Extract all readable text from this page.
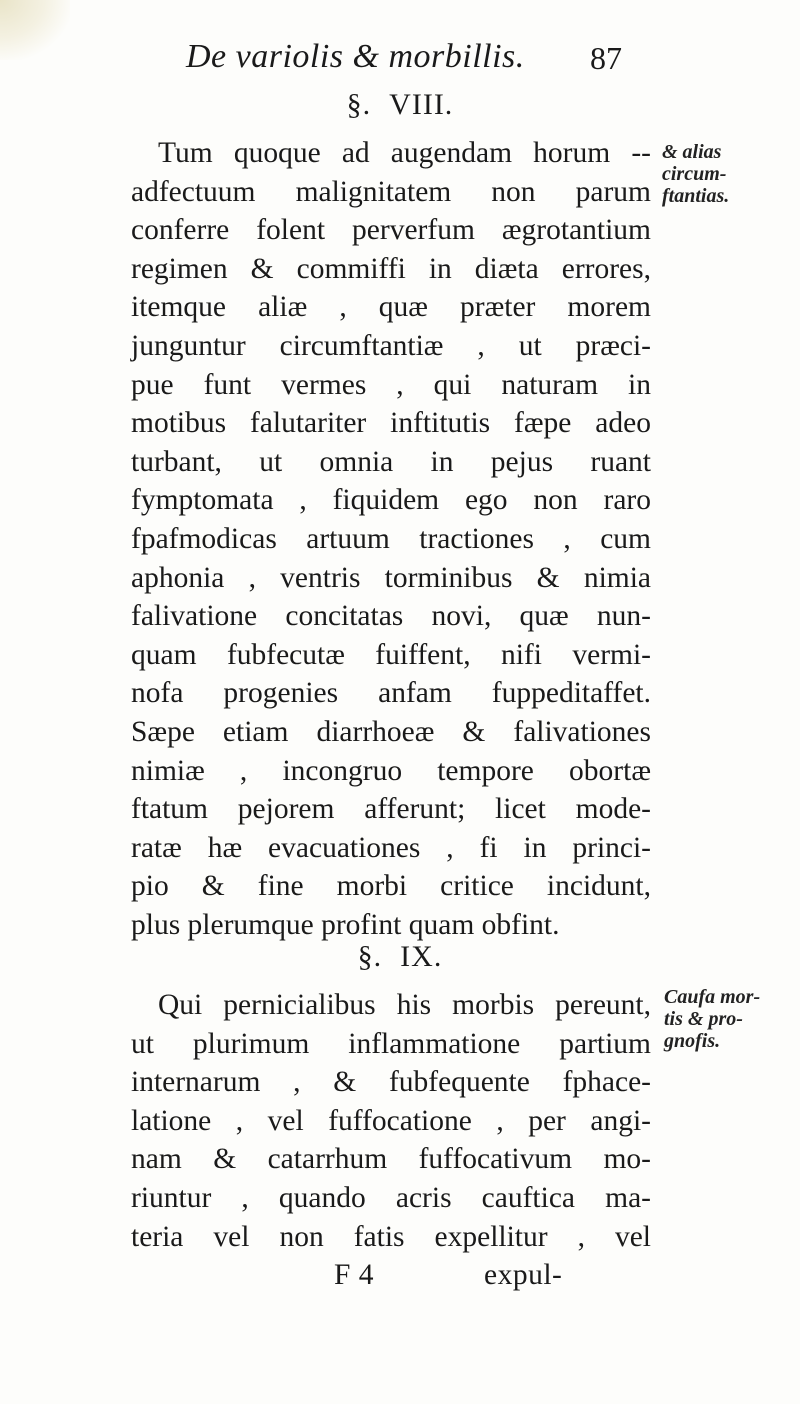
De variolis & morbillis. 87
§. VIII.
Tum quoque ad augendam horum --
adfectuum malignitatem non parum
conferre folent perverfum ægrotantium
regimen & commiffi in diæta errores,
itemque aliæ , quæ præter morem
junguntur circumftantiæ , ut præci-
pue funt vermes , qui naturam in
motibus falutariter inftitutis fæpe adeo
turbant, ut omnia in pejus ruant
fymptomata , fiquidem ego non raro
fpafmodicas artuum tractiones , cum
aphonia , ventris torminibus & nimia
falivatione concitatas novi, quæ nun-
quam fubfecutæ fuiffent, nifi vermi-
nofa progenies anfam fuppeditaffet.
Sæpe etiam diarrhoeæ & falivationes
nimiæ , incongruo tempore obortæ
ftatum pejorem afferunt; licet mode-
ratæ hæ evacuationes , fi in princi-
pio & fine morbi critice incidunt,
plus plerumque profint quam obfint.
& alias
circum-
ftantias.
§. IX.
Qui pernicialibus his morbis pereunt,
ut plurimum inflammatione partium
internarum , & fubfequente fphace-
latione , vel fuffocatione , per angi-
nam & catarrhum fuffocativum mo-
riuntur , quando acris cauftica ma-
teria vel non fatis expellitur , vel
F 4	expul-
Caufa mor-
tis & pro-
gnofis.
